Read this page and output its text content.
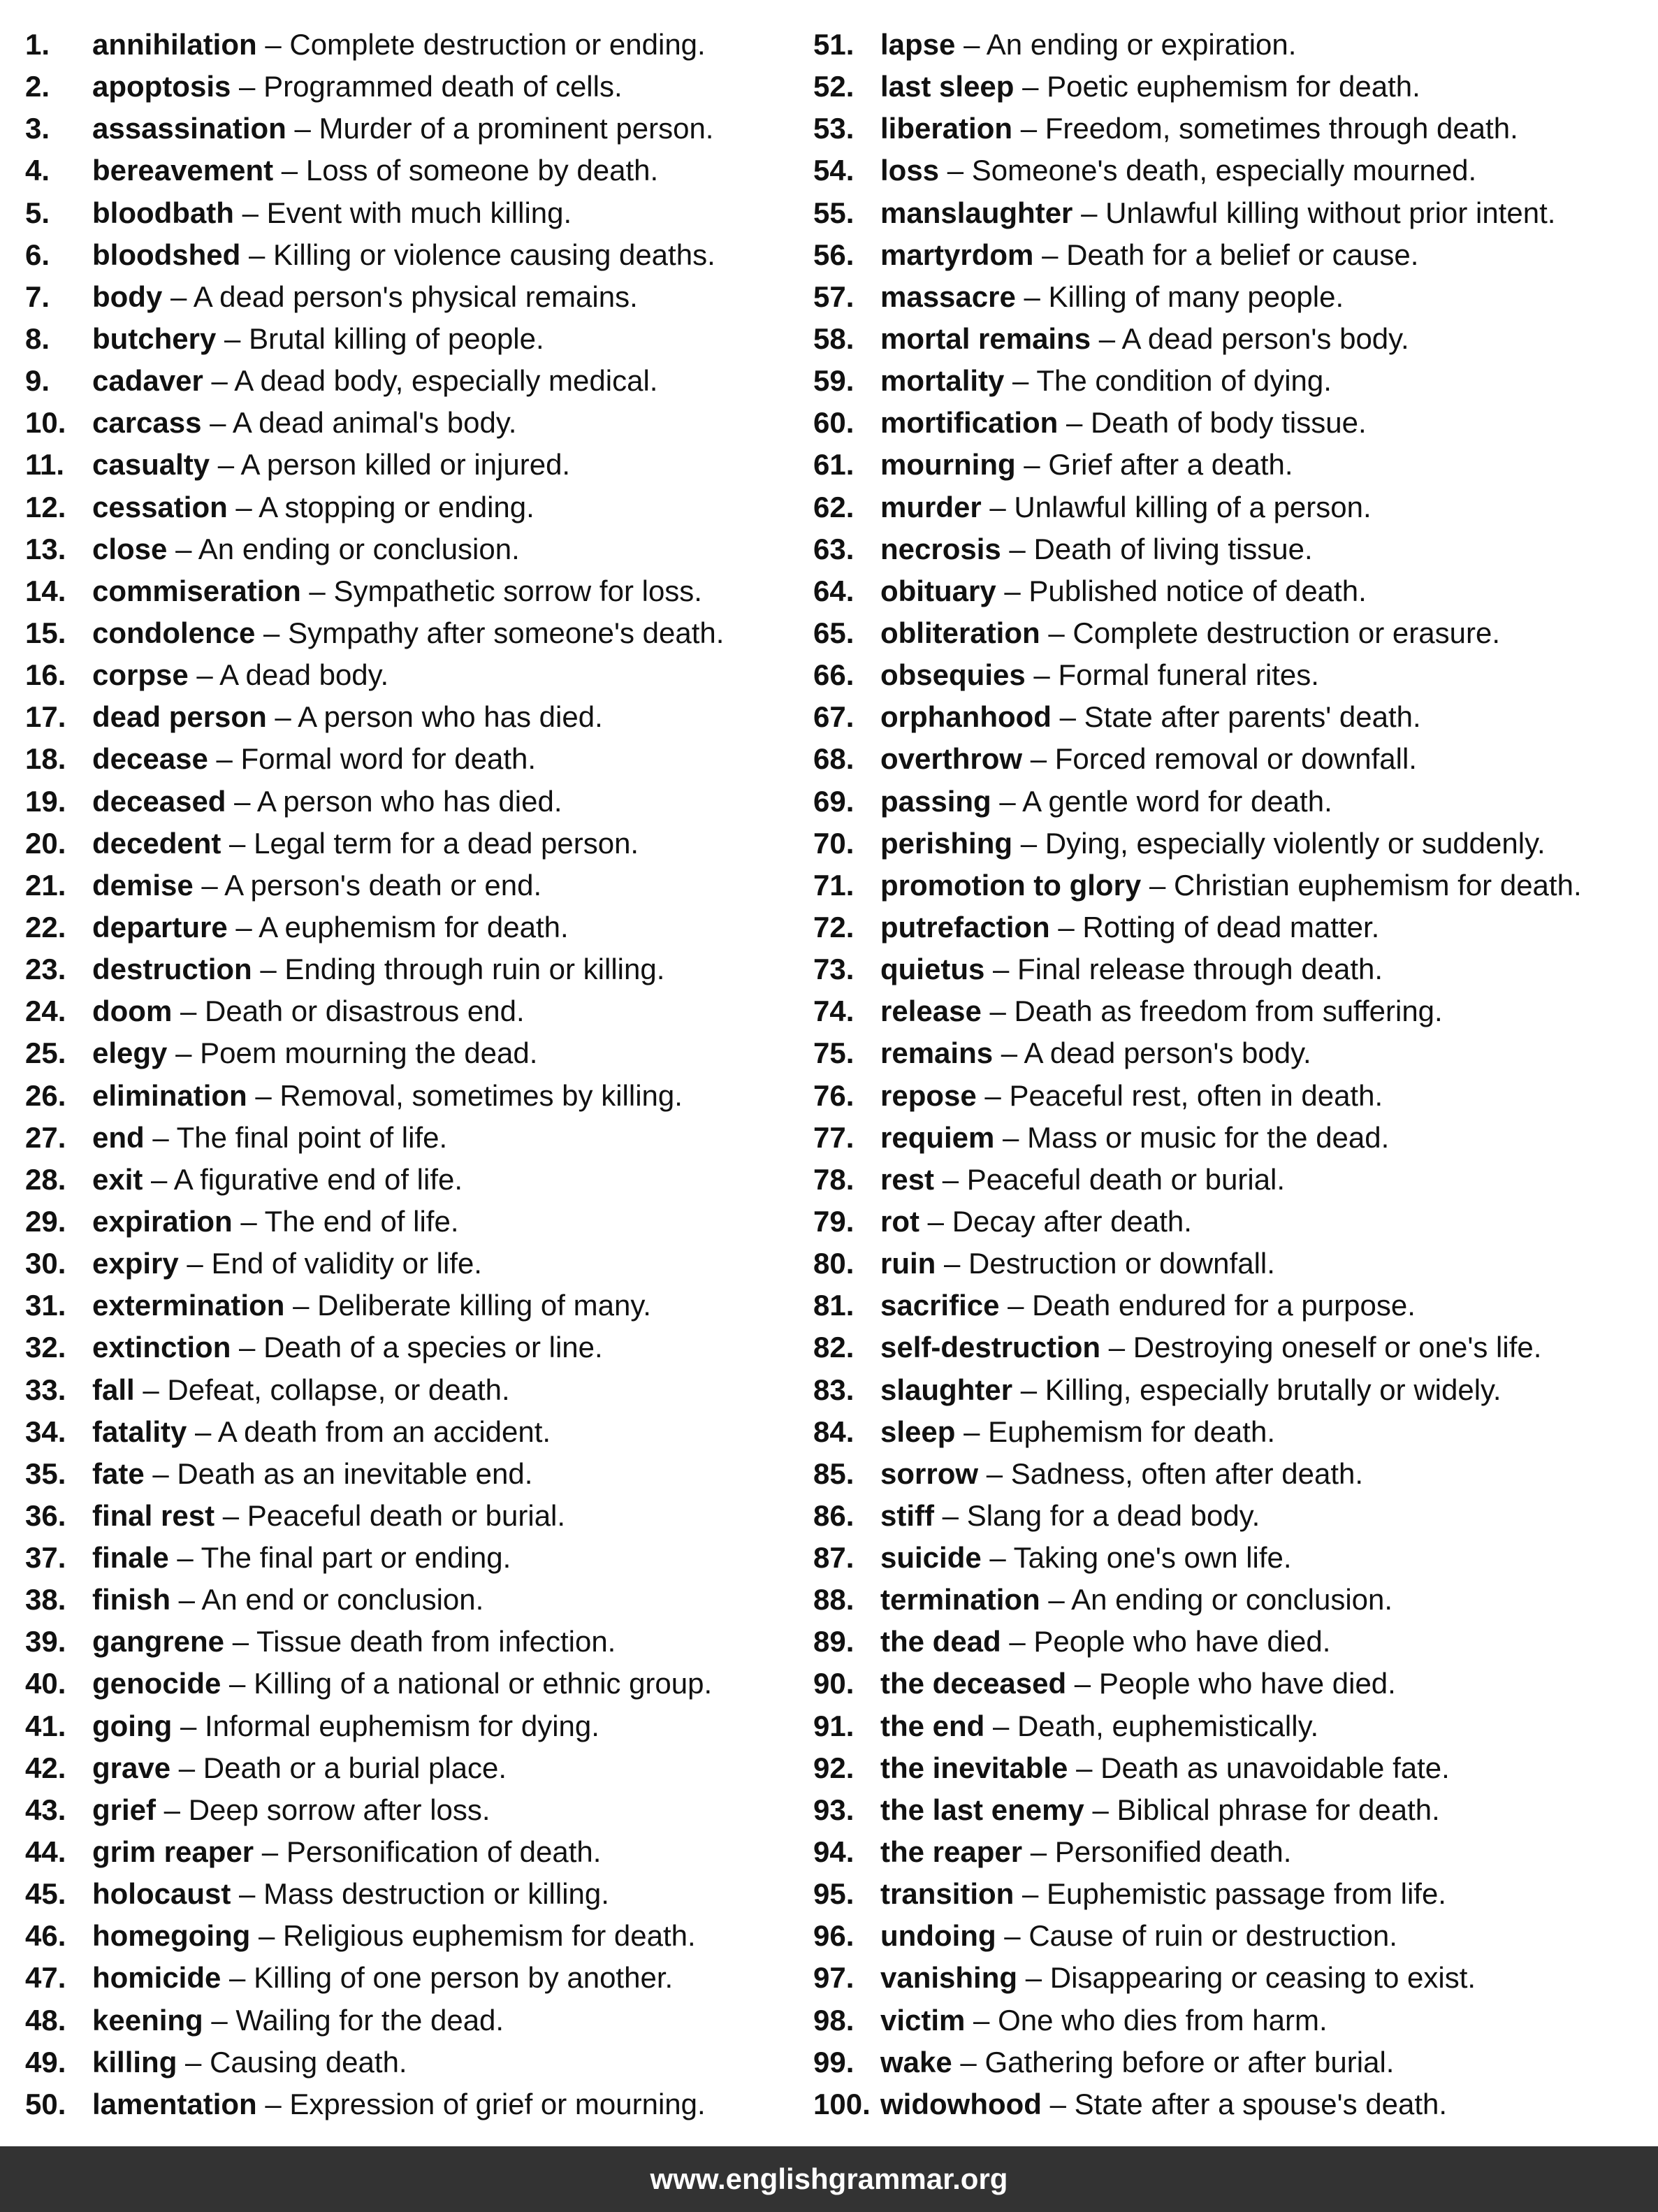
1. annihilation – Complete destruction or ending.
2. apoptosis – Programmed death of cells.
3. assassination – Murder of a prominent person.
4. bereavement – Loss of someone by death.
5. bloodbath – Event with much killing.
6. bloodshed – Killing or violence causing deaths.
7. body – A dead person's physical remains.
8. butchery – Brutal killing of people.
9. cadaver – A dead body, especially medical.
10. carcass – A dead animal's body.
11. casualty – A person killed or injured.
12. cessation – A stopping or ending.
13. close – An ending or conclusion.
14. commiseration – Sympathetic sorrow for loss.
15. condolence – Sympathy after someone's death.
16. corpse – A dead body.
17. dead person – A person who has died.
18. decease – Formal word for death.
19. deceased – A person who has died.
20. decedent – Legal term for a dead person.
21. demise – A person's death or end.
22. departure – A euphemism for death.
23. destruction – Ending through ruin or killing.
24. doom – Death or disastrous end.
25. elegy – Poem mourning the dead.
26. elimination – Removal, sometimes by killing.
27. end – The final point of life.
28. exit – A figurative end of life.
29. expiration – The end of life.
30. expiry – End of validity or life.
31. extermination – Deliberate killing of many.
32. extinction – Death of a species or line.
33. fall – Defeat, collapse, or death.
34. fatality – A death from an accident.
35. fate – Death as an inevitable end.
36. final rest – Peaceful death or burial.
37. finale – The final part or ending.
38. finish – An end or conclusion.
39. gangrene – Tissue death from infection.
40. genocide – Killing of a national or ethnic group.
41. going – Informal euphemism for dying.
42. grave – Death or a burial place.
43. grief – Deep sorrow after loss.
44. grim reaper – Personification of death.
45. holocaust – Mass destruction or killing.
46. homegoing – Religious euphemism for death.
47. homicide – Killing of one person by another.
48. keening – Wailing for the dead.
49. killing – Causing death.
50. lamentation – Expression of grief or mourning.
51. lapse – An ending or expiration.
52. last sleep – Poetic euphemism for death.
53. liberation – Freedom, sometimes through death.
54. loss – Someone's death, especially mourned.
55. manslaughter – Unlawful killing without prior intent.
56. martyrdom – Death for a belief or cause.
57. massacre – Killing of many people.
58. mortal remains – A dead person's body.
59. mortality – The condition of dying.
60. mortification – Death of body tissue.
61. mourning – Grief after a death.
62. murder – Unlawful killing of a person.
63. necrosis – Death of living tissue.
64. obituary – Published notice of death.
65. obliteration – Complete destruction or erasure.
66. obsequies – Formal funeral rites.
67. orphanhood – State after parents' death.
68. overthrow – Forced removal or downfall.
69. passing – A gentle word for death.
70. perishing – Dying, especially violently or suddenly.
71. promotion to glory – Christian euphemism for death.
72. putrefaction – Rotting of dead matter.
73. quietus – Final release through death.
74. release – Death as freedom from suffering.
75. remains – A dead person's body.
76. repose – Peaceful rest, often in death.
77. requiem – Mass or music for the dead.
78. rest – Peaceful death or burial.
79. rot – Decay after death.
80. ruin – Destruction or downfall.
81. sacrifice – Death endured for a purpose.
82. self-destruction – Destroying oneself or one's life.
83. slaughter – Killing, especially brutally or widely.
84. sleep – Euphemism for death.
85. sorrow – Sadness, often after death.
86. stiff – Slang for a dead body.
87. suicide – Taking one's own life.
88. termination – An ending or conclusion.
89. the dead – People who have died.
90. the deceased – People who have died.
91. the end – Death, euphemistically.
92. the inevitable – Death as unavoidable fate.
93. the last enemy – Biblical phrase for death.
94. the reaper – Personified death.
95. transition – Euphemistic passage from life.
96. undoing – Cause of ruin or destruction.
97. vanishing – Disappearing or ceasing to exist.
98. victim – One who dies from harm.
99. wake – Gathering before or after burial.
100. widowhood – State after a spouse's death.
www.englishgrammar.org
